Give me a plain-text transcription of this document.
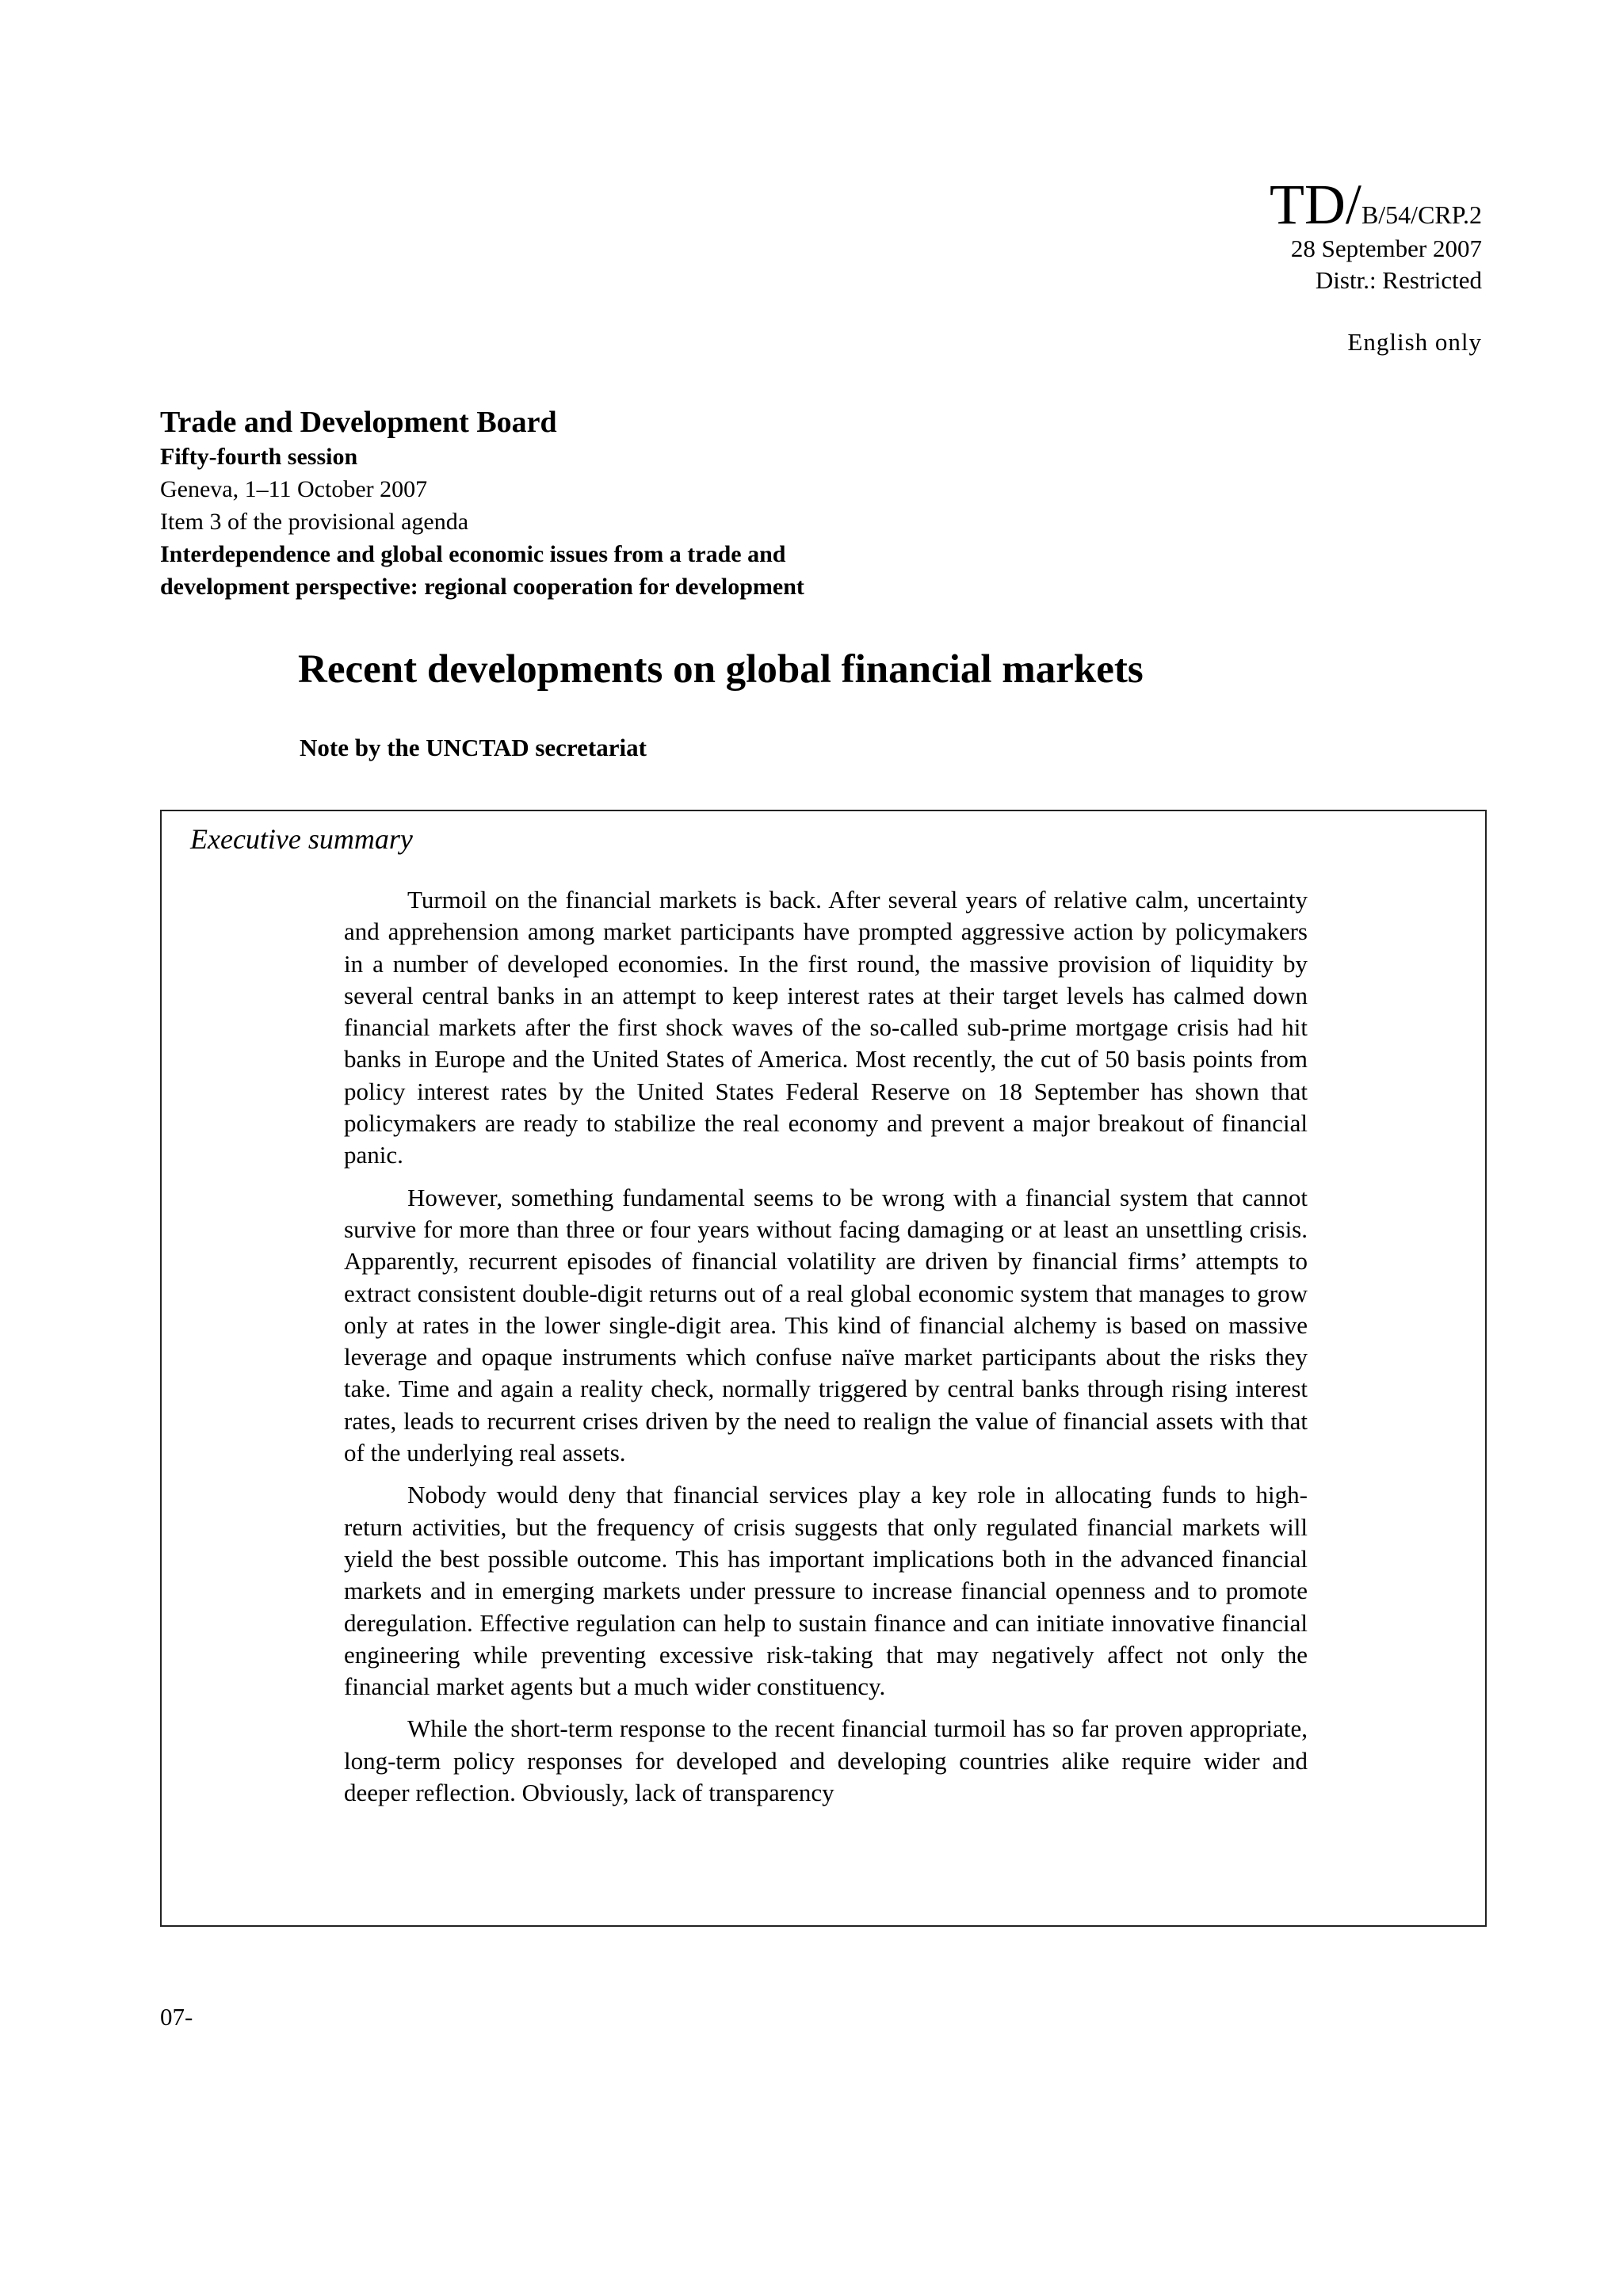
TD/B/54/CRP.2
28 September 2007
Distr.: Restricted
English only
Trade and Development Board
Fifty-fourth session
Geneva, 1–11 October 2007
Item 3 of the provisional agenda
Interdependence and global economic issues from a trade and
development perspective: regional cooperation for development
Recent developments on global financial markets
Note by the UNCTAD secretariat
Executive summary

Turmoil on the financial markets is back. After several years of relative calm, uncertainty and apprehension among market participants have prompted aggressive action by policymakers in a number of developed economies. In the first round, the massive provision of liquidity by several central banks in an attempt to keep interest rates at their target levels has calmed down financial markets after the first shock waves of the so-called sub-prime mortgage crisis had hit banks in Europe and the United States of America. Most recently, the cut of 50 basis points from policy interest rates by the United States Federal Reserve on 18 September has shown that policymakers are ready to stabilize the real economy and prevent a major breakout of financial panic.

However, something fundamental seems to be wrong with a financial system that cannot survive for more than three or four years without facing damaging or at least an unsettling crisis. Apparently, recurrent episodes of financial volatility are driven by financial firms’ attempts to extract consistent double-digit returns out of a real global economic system that manages to grow only at rates in the lower single-digit area. This kind of financial alchemy is based on massive leverage and opaque instruments which confuse naïve market participants about the risks they take. Time and again a reality check, normally triggered by central banks through rising interest rates, leads to recurrent crises driven by the need to realign the value of financial assets with that of the underlying real assets.

Nobody would deny that financial services play a key role in allocating funds to high-return activities, but the frequency of crisis suggests that only regulated financial markets will yield the best possible outcome. This has important implications both in the advanced financial markets and in emerging markets under pressure to increase financial openness and to promote deregulation. Effective regulation can help to sustain finance and can initiate innovative financial engineering while preventing excessive risk-taking that may negatively affect not only the financial market agents but a much wider constituency.

While the short-term response to the recent financial turmoil has so far proven appropriate, long-term policy responses for developed and developing countries alike require wider and deeper reflection. Obviously, lack of transparency

07-
